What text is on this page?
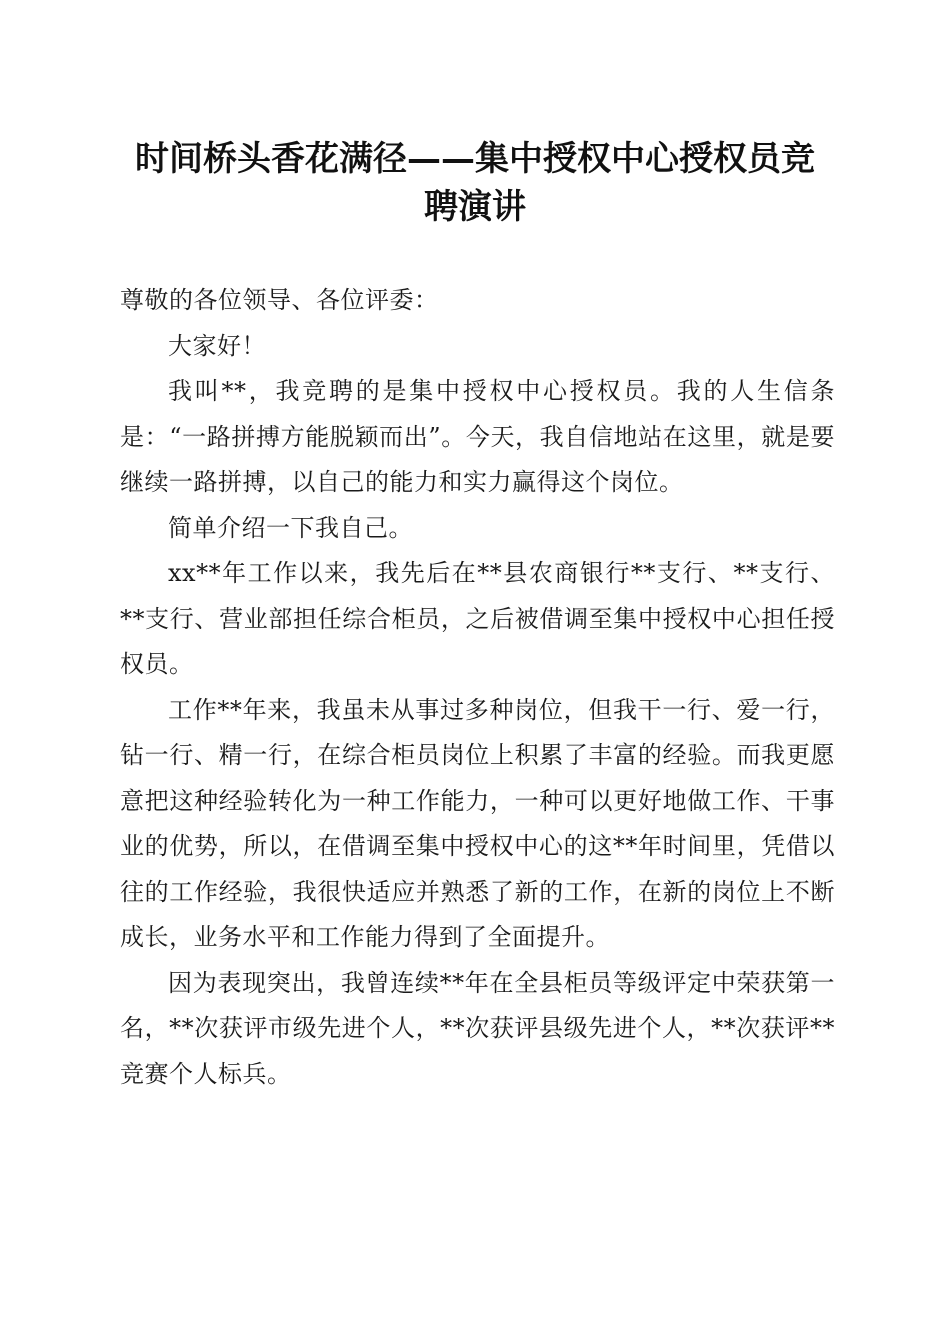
时间桥头香花满径——集中授权中心授权员竞
聘演讲

尊敬的各位领导、各位评委：

大家好！

我叫**，我竞聘的是集中授权中心授权员。我的人生信条是：“一路拼搏方能脱颖而出”。今天，我自信地站在这里，就是要继续一路拼搏，以自己的能力和实力赢得这个岗位。

简单介绍一下我自己。

xx**年工作以来，我先后在**县农商银行**支行、**支行、**支行、营业部担任综合柜员，之后被借调至集中授权中心担任授权员。

工作**年来，我虽未从事过多种岗位，但我干一行、爱一行，钻一行、精一行，在综合柜员岗位上积累了丰富的经验。而我更愿意把这种经验转化为一种工作能力，一种可以更好地做工作、干事业的优势，所以，在借调至集中授权中心的这**年时间里，凭借以往的工作经验，我很快适应并熟悉了新的工作，在新的岗位上不断成长，业务水平和工作能力得到了全面提升。

因为表现突出，我曾连续**年在全县柜员等级评定中荣获第一名，**次获评市级先进个人，**次获评县级先进个人，**次获评**竞赛个人标兵。
